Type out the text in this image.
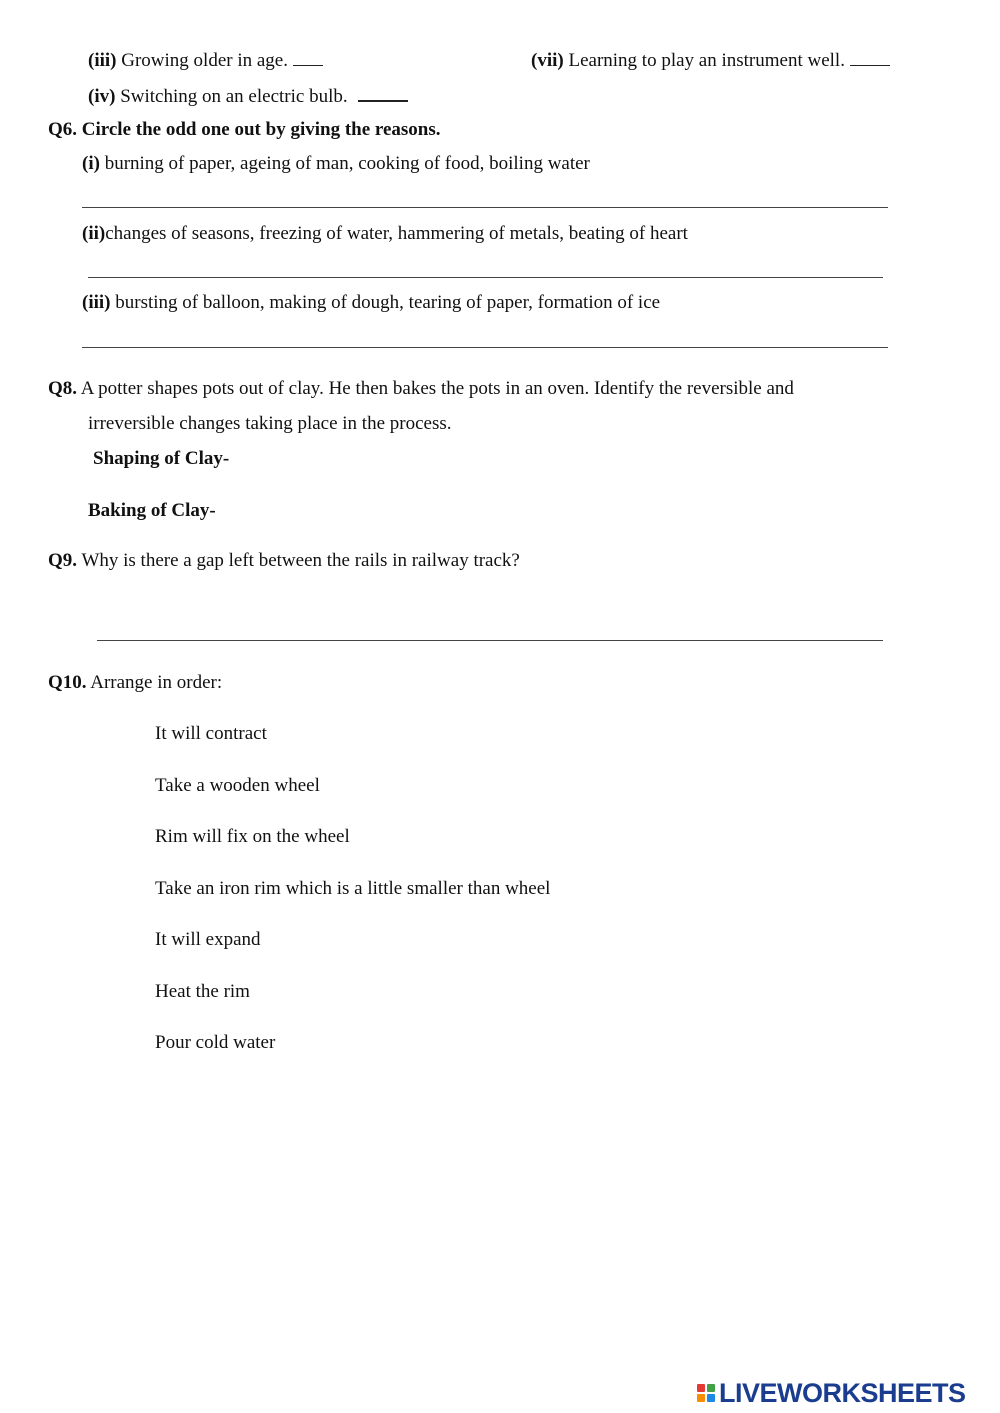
(iii) Growing older in age.	(vii) Learning to play an instrument well.
(iv) Switching on an electric bulb.
Q6. Circle the odd one out by giving the reasons.
(i) burning of paper, ageing of man, cooking of food, boiling water
(ii)changes of seasons, freezing of water, hammering of metals, beating of heart
(iii) bursting of balloon, making of dough, tearing of paper, formation of ice
Q8. A potter shapes pots out of clay. He then bakes the pots in an oven. Identify the reversible and
irreversible changes taking place in the process.
Shaping of Clay-
Baking of Clay-
Q9. Why is there a gap left between the rails in railway track?
Q10. Arrange in order:
It will contract
Take a wooden wheel
Rim will fix on the wheel
Take an iron rim which is a little smaller than wheel
It will expand
Heat the rim
Pour cold water
LIVEWORKSHEETS
